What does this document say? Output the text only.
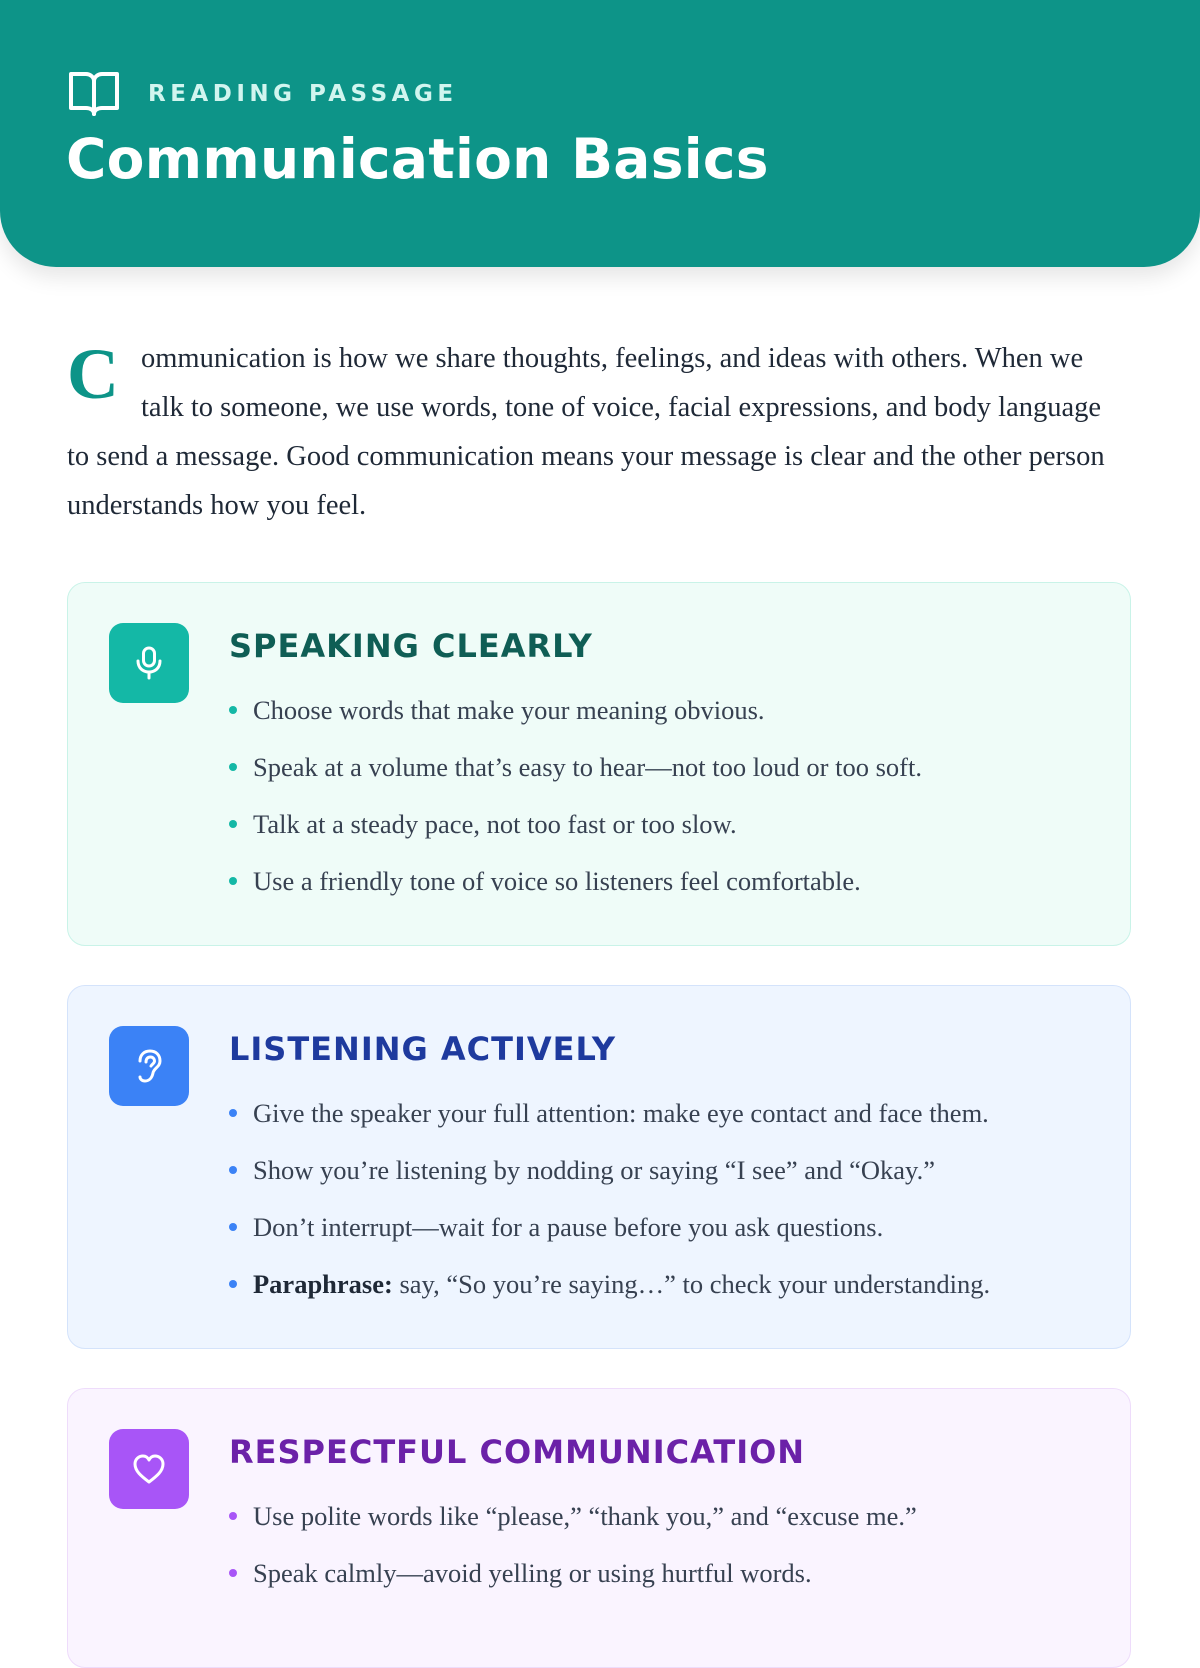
READING PASSAGE
Communication Basics

Communication is how we share thoughts, feelings, and ideas with others. When we talk to someone, we use words, tone of voice, facial expressions, and body language to send a message. Good communication means your message is clear and the other person understands how you feel.

SPEAKING CLEARLY
Choose words that make your meaning obvious.
Speak at a volume that’s easy to hear—not too loud or too soft.
Talk at a steady pace, not too fast or too slow.
Use a friendly tone of voice so listeners feel comfortable.
LISTENING ACTIVELY
Give the speaker your full attention: make eye contact and face them.
Show you’re listening by nodding or saying “I see” and “Okay.”
Don’t interrupt—wait for a pause before you ask questions.
Paraphrase: say, “So you’re saying…” to check your understanding.
RESPECTFUL COMMUNICATION
Use polite words like “please,” “thank you,” and “excuse me.”
Speak calmly—avoid yelling or using hurtful words.
